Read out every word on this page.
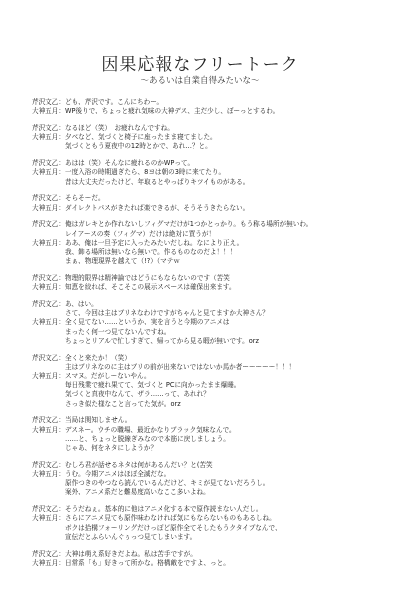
因果応報なフリートーク
～あるいは自業自得みたいな～
芹沢文乙： ども、芹沢です。こんにちわー。
大神五月： WP後りで、ちょっと疲れ気味の大神デス、主だ少し、ぼーっとするわ。
芹沢文乙： なるほど（笑）　お疲れなんですね。
大神五月： 夕べなど、気づくと椅子に座ったまま寝てました。
気づくともう夏夜中の12時とかで、あれ…？と。
芹沢文乙： あはは（笑）そんなに疲れるのかWPって。
大神五月： 一度入浴の時期過ぎたら、8ヨは朝の3時に来てたり。
昔は大丈夫だったけど、年取るとやっぱりキツイものがある。
芹沢文乙： そらそーだ。
大神五月： ダイレクトパスがきたれば楽できるが、そうそうきたらない。
芹沢文乙： 俺はガレキとか作れないしフィグマだけが1つかとっかり。もう称る場所が無いわ。
レイアースの奏（フィグマ）だけは絶対に買うが！
大神五月： ああ、俺は一旦予定に入ったみたいだしね。なにより正え。
我、飾る場所は無いなら無いで。作るものなのだよ！！！
まぁ、物理現界を越えて（!?）（マテｗ
芹沢文乙： 物理的限界は精神論ではどうにもならないのです（苦笑
大神五月： 知恵を絞れば、そこそこの展示スペースは確保出来ます。
芹沢文乙： あ、はい。
さて、今回は主はブリネなわけですがちゃんと見てますか大神さん？
大神五月： 全く見てない……というか、実を言うと今期のアニメは
まったく何一つ見てないんですね。
ちょっとリアルで忙しすぎて、帰ってから見る暇が無いです。orz
芹沢文乙： 全くと来たか！（笑）
主はブリネなのに主はブリの前が出来ないではないか馬か者ーーーーー！！！
大神五月： スマヌ。だがしーないやん。
毎日残業で疲れ果てて、気づくと PCに向かったまま爆睡。
気づくと真夜中なんて、ザラ……って、あれれ？
さっき似た様なこと言ってた気が。orz
芹沢文乙： 当局は関知しません。
大神五月： デスネー。ウチの職場、最近かなりブラック気味なんで。
……と、ちょっと脱線ぎみなので本筋に戻しましょう。
じゃあ、何をネタにしようか？
芹沢文乙： むしろ君が話せるネタは何があるんだい？と(苦笑
大神五月： うむ。今期アニメはほぼ全滅だな。
原作つきのやつなら読んでいるんだけど、キミが見てないだろうし。
案外、アニメ系だと難易度高いなここ多いよね。
芹沢文乙： そうだねぇ。基本的に他はアニメ化する本で原作読まない人だし。
大神五月： さらにアニメ見ても原作味わなければ気にもならないものもあるしね。
ボクは拾構フォーリングだけっぽど原作全てそしたもうクタイプなんで、
宣伝だとふらいんぐぅっつ見てしまいます。
芹沢文乙： 大神は萌え系好きだよね。私は苦手ですが。
大神五月： 日常系「も」好きって所かな。格構敵をですよ、っと。
